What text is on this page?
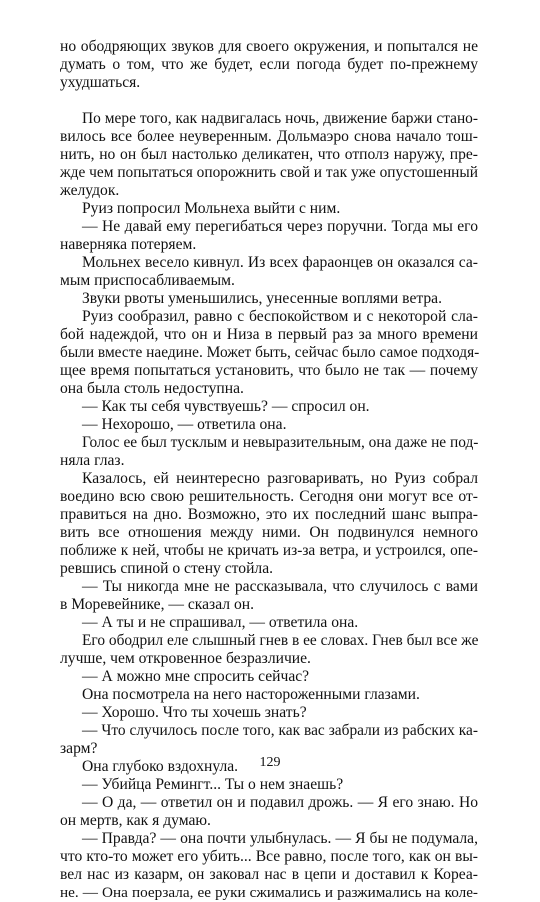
но ободряющих звуков для своего окружения, и попытался не
думать о том, что же будет, если погода будет по-прежнему
ухудшаться.
По мере того, как надвигалась ночь, движение баржи стано-
вилось все более неуверенным. Дольмаэро снова начало тош-
нить, но он был настолько деликатен, что отполз наружу, пре-
жде чем попытаться опорожнить свой и так уже опустошенный
желудок.
Руиз попросил Мольнеха выйти с ним.
— Не давай ему перегибаться через поручни. Тогда мы его
наверняка потеряем.
Мольнех весело кивнул. Из всех фараонцев он оказался са-
мым приспосабливаемым.
Звуки рвоты уменьшились, унесенные воплями ветра.
Руиз сообразил, равно с беспокойством и с некоторой сла-
бой надеждой, что он и Низа в первый раз за много времени
были вместе наедине. Может быть, сейчас было самое подходя-
щее время попытаться установить, что было не так — почему
она была столь недоступна.
— Как ты себя чувствуешь? — спросил он.
— Нехорошо, — ответила она.
Голос ее был тусклым и невыразительным, она даже не под-
няла глаз.
Казалось, ей неинтересно разговаривать, но Руиз собрал
воедино всю свою решительность. Сегодня они могут все от-
правиться на дно. Возможно, это их последний шанс выпра-
вить все отношения между ними. Он подвинулся немного
поближе к ней, чтобы не кричать из-за ветра, и устроился, опе-
ревшись спиной о стену стойла.
— Ты никогда мне не рассказывала, что случилось с вами
в Моревейнике, — сказал он.
— А ты и не спрашивал, — ответила она.
Его ободрил еле слышный гнев в ее словах. Гнев был все же
лучше, чем откровенное безразличие.
— А можно мне спросить сейчас?
Она посмотрела на него настороженными глазами.
— Хорошо. Что ты хочешь знать?
— Что случилось после того, как вас забрали из рабских ка-
зарм?
Она глубоко вздохнула.
— Убийца Ремингт... Ты о нем знаешь?
— О да, — ответил он и подавил дрожь. — Я его знаю. Но
он мертв, как я думаю.
— Правда? — она почти улыбнулась. — Я бы не подумала,
что кто-то может его убить... Все равно, после того, как он вы-
вел нас из казарм, он заковал нас в цепи и доставил к Кореа-
не. — Она поерзала, ее руки сжимались и разжимались на коле-
129
